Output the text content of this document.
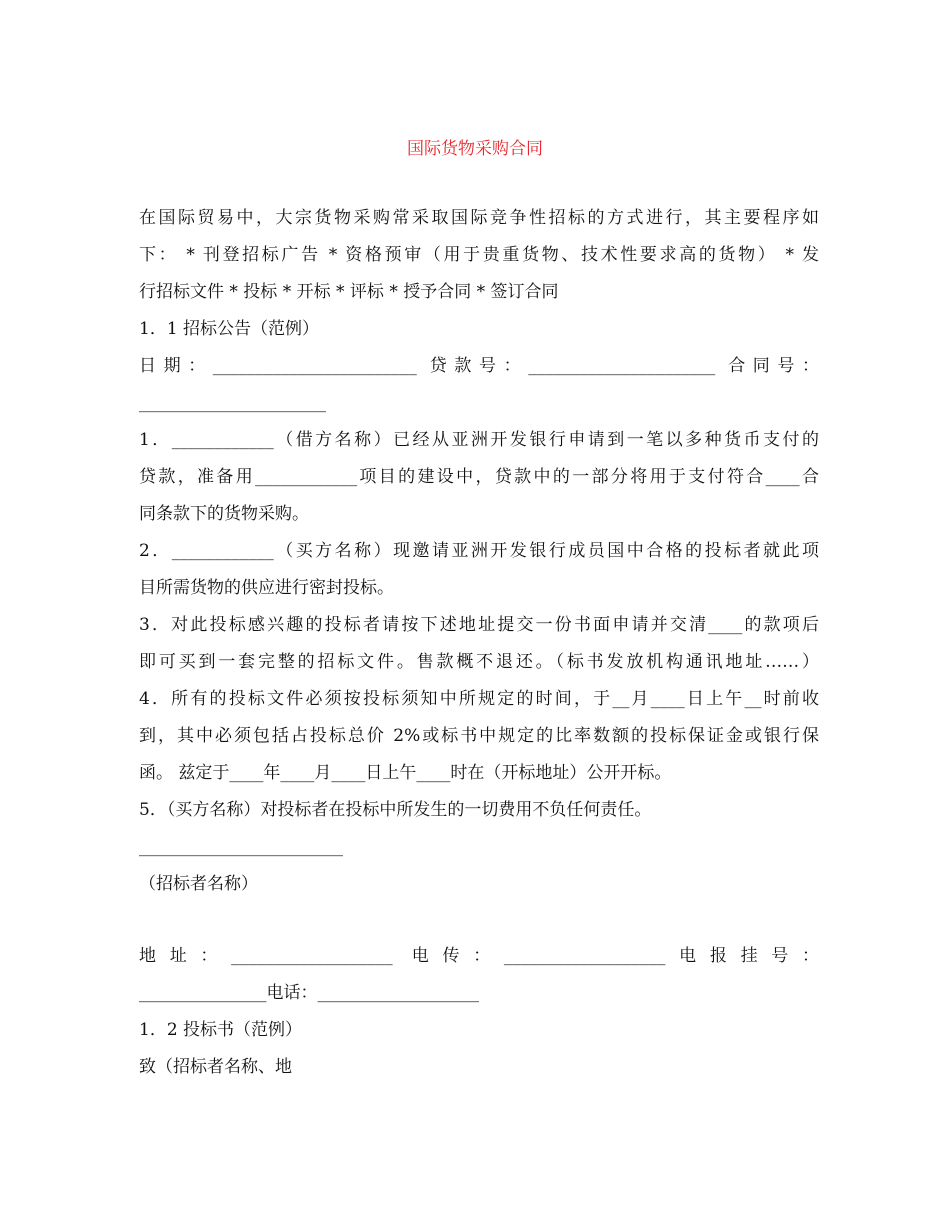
国际货物采购合同
在国际贸易中，大宗货物采购常采取国际竞争性招标的方式进行，其主要程序如
下： * 刊登招标广告 * 资格预审（用于贵重货物、技术性要求高的货物） * 发
行招标文件 * 投标 * 开标 * 评标 * 授予合同 * 签订合同
1．1 招标公告（范例）
日期：________________________ 贷款号：______________________ 合同号：
______________________
1．____________（借方名称）已经从亚洲开发银行申请到一笔以多种货币支付的
贷款，准备用____________项目的建设中，贷款中的一部分将用于支付符合____合
同条款下的货物采购。
2．____________（买方名称）现邀请亚洲开发银行成员国中合格的投标者就此项
目所需货物的供应进行密封投标。
3．对此投标感兴趣的投标者请按下述地址提交一份书面申请并交清____的款项后
即可买到一套完整的招标文件。售款概不退还。（标书发放机构通讯地址……）
4．所有的投标文件必须按投标须知中所规定的时间，于__月____日上午__时前收
到，其中必须包括占投标总价 2%或标书中规定的比率数额的投标保证金或银行保
函。 兹定于____年____月____日上午____时在（开标地址）公开开标。
5．（买方名称）对投标者在投标中所发生的一切费用不负任何责任。
________________________
（招标者名称）
地址：___________________ 电传：___________________电报挂号：
_______________电话：___________________
1．2 投标书（范例）
致（招标者名称、地
